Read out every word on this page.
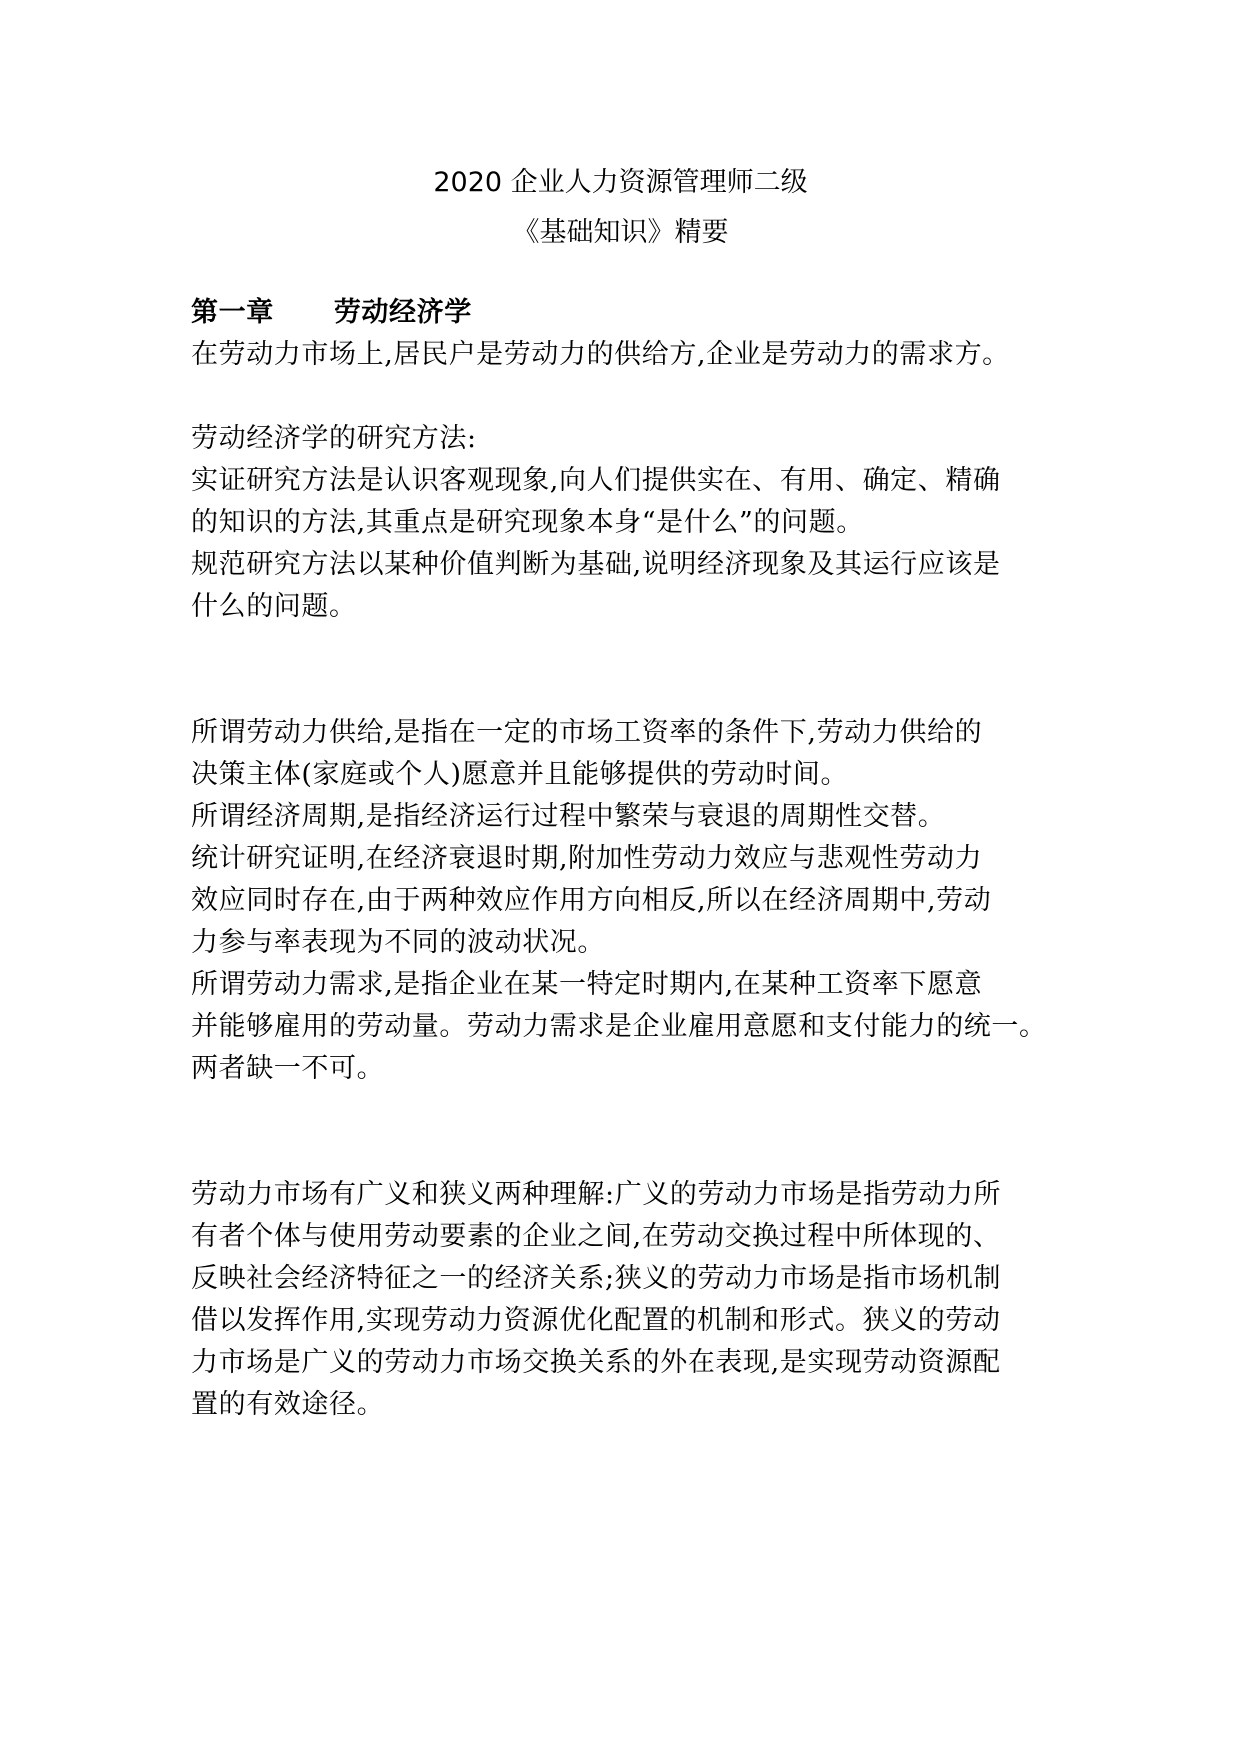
2020 企业人力资源管理师二级
《基础知识》精要
第一章 劳动经济学
在劳动力市场上,居民户是劳动力的供给方,企业是劳动力的需求方。
劳动经济学的研究方法:
实证研究方法是认识客观现象,向人们提供实在、有用、确定、精确
的知识的方法,其重点是研究现象本身“是什么”的问题。
规范研究方法以某种价值判断为基础,说明经济现象及其运行应该是
什么的问题。
所谓劳动力供给,是指在一定的市场工资率的条件下,劳动力供给的
决策主体(家庭或个人)愿意并且能够提供的劳动时间。
所谓经济周期,是指经济运行过程中繁荣与衰退的周期性交替。
统计研究证明,在经济衰退时期,附加性劳动力效应与悲观性劳动力
效应同时存在,由于两种效应作用方向相反,所以在经济周期中,劳动
力参与率表现为不同的波动状况。
所谓劳动力需求,是指企业在某一特定时期内,在某种工资率下愿意
并能够雇用的劳动量。劳动力需求是企业雇用意愿和支付能力的统一。
两者缺一不可。
劳动力市场有广义和狭义两种理解:广义的劳动力市场是指劳动力所
有者个体与使用劳动要素的企业之间,在劳动交换过程中所体现的、
反映社会经济特征之一的经济关系;狭义的劳动力市场是指市场机制
借以发挥作用,实现劳动力资源优化配置的机制和形式。狭义的劳动
力市场是广义的劳动力市场交换关系的外在表现,是实现劳动资源配
置的有效途径。
